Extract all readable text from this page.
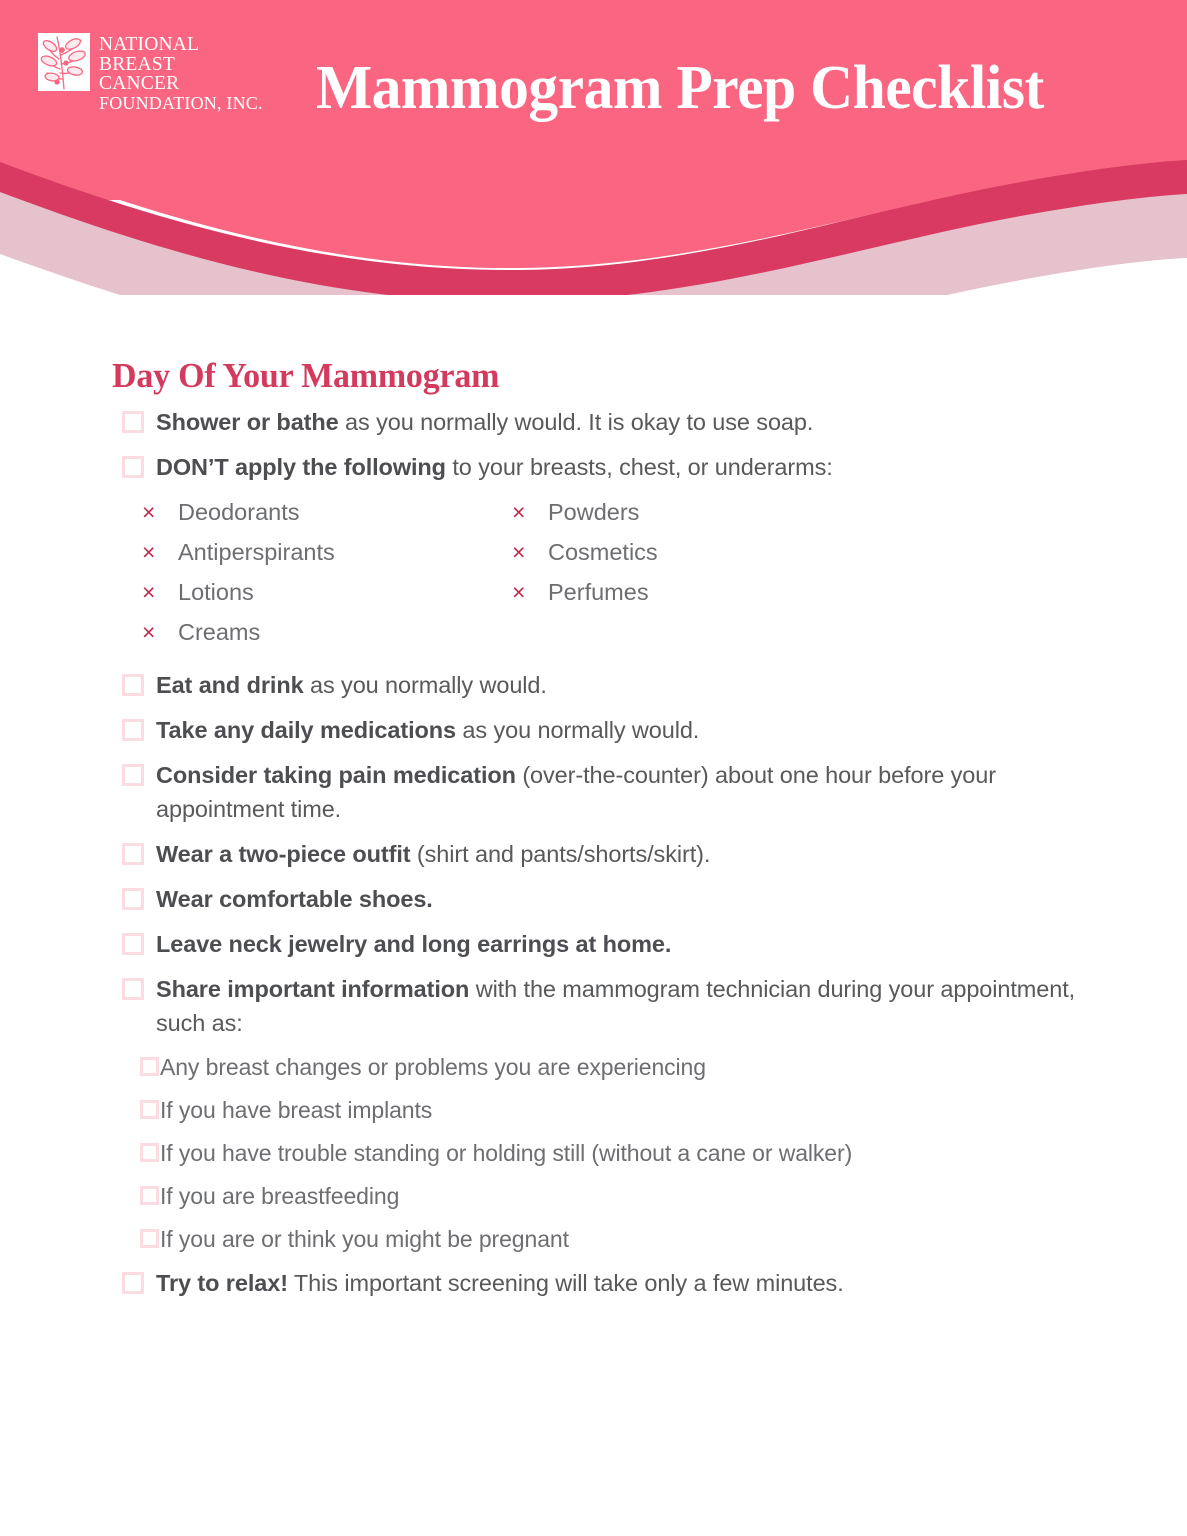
NATIONAL
BREAST
CANCER
FOUNDATION, INC. Mammogram Prep Checklist
Day Of Your Mammogram
Shower or bathe as you normally would. It is okay to use soap.
DON’T apply the following to your breasts, chest, or underarms:
× Deodorants	× Powders
× Antiperspirants	× Cosmetics
× Lotions	× Perfumes
× Creams
Eat and drink as you normally would.
Take any daily medications as you normally would.
Consider taking pain medication (over-the-counter) about one hour before your appointment time.
Wear a two-piece outfit (shirt and pants/shorts/skirt).
Wear comfortable shoes.
Leave neck jewelry and long earrings at home.
Share important information with the mammogram technician during your appointment, such as:
Any breast changes or problems you are experiencing
If you have breast implants
If you have trouble standing or holding still (without a cane or walker)
If you are breastfeeding
If you are or think you might be pregnant
Try to relax! This important screening will take only a few minutes.
